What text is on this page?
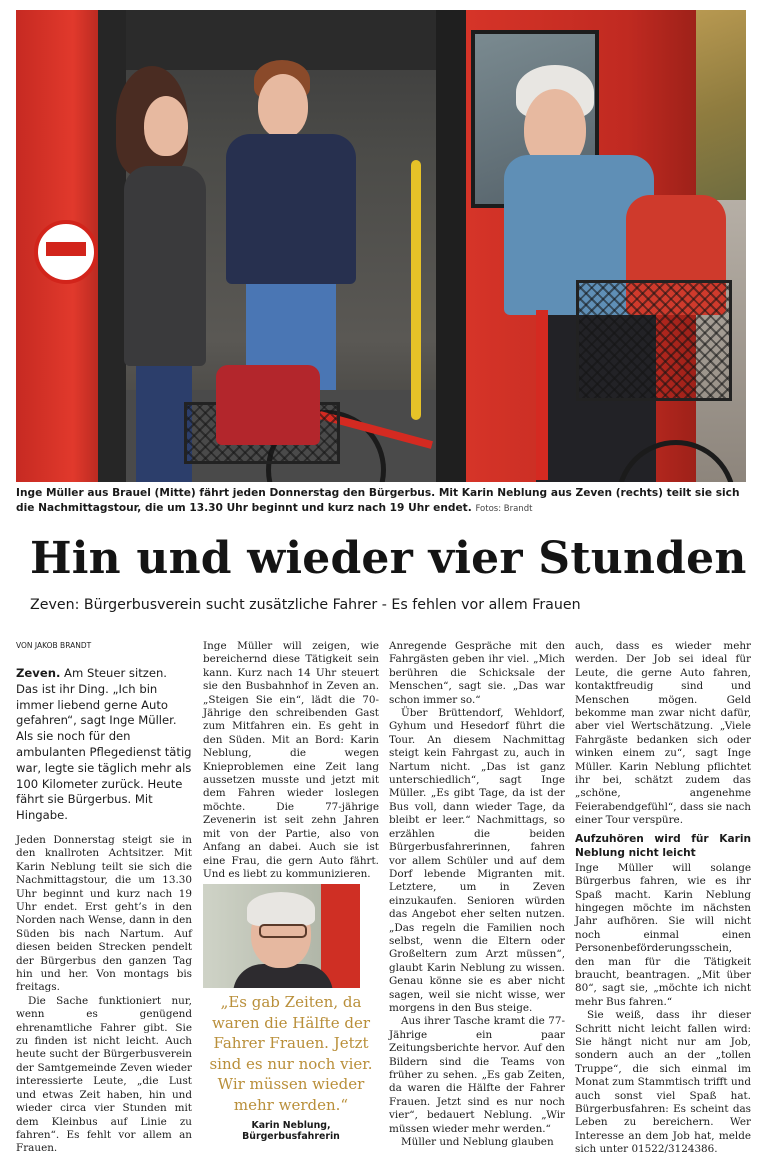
Inge Müller aus Brauel (Mitte) fährt jeden Donnerstag den Bürgerbus. Mit Karin Neblung aus Zeven (rechts) teilt sie sich die Nachmittagstour, die um 13.30 Uhr beginnt und kurz nach 19 Uhr endet. Fotos: Brandt
Hin und wieder vier Stunden

Zeven: Bürgerbusverein sucht zusätzliche Fahrer - Es fehlen vor allem Frauen

VON JAKOB BRANDT

Zeven. Am Steuer sitzen. Das ist ihr Ding. „Ich bin immer liebend gerne Auto gefahren“, sagt Inge Müller. Als sie noch für den ambulanten Pflegedienst tätig war, legte sie täglich mehr als 100 Kilometer zurück. Heute fährt sie Bürgerbus. Mit Hingabe.

Jeden Donnerstag steigt sie in den knallroten Achtsitzer. Mit Karin Neblung teilt sie sich die Nachmittagstour, die um 13.30 Uhr beginnt und kurz nach 19 Uhr endet. Erst geht’s in den Norden nach Wense, dann in den Süden bis nach Nartum. Auf diesen beiden Strecken pendelt der Bürgerbus den ganzen Tag hin und her. Von montags bis freitags.

Die Sache funktioniert nur, wenn es genügend ehrenamtliche Fahrer gibt. Sie zu finden ist nicht leicht. Auch heute sucht der Bürgerbusverein der Samtgemeinde Zeven wieder interessierte Leute, „die Lust und etwas Zeit haben, hin und wieder circa vier Stunden mit dem Kleinbus auf Linie zu fahren“. Es fehlt vor allem an Frauen.

Inge Müller will zeigen, wie bereichernd diese Tätigkeit sein kann. Kurz nach 14 Uhr steuert sie den Busbahnhof in Zeven an. „Steigen Sie ein“, lädt die 70-Jährige den schreibenden Gast zum Mitfahren ein. Es geht in den Süden. Mit an Bord: Karin Neblung, die wegen Knieproblemen eine Zeit lang aussetzen musste und jetzt mit dem Fahren wieder loslegen möchte. Die 77-jährige Zevenerin ist seit zehn Jahren mit von der Partie, also von Anfang an dabei. Auch sie ist eine Frau, die gern Auto fährt. Und es liebt zu kommunizieren.

„Es gab Zeiten, da waren die Hälfte der Fahrer Frauen. Jetzt sind es nur noch vier. Wir müssen wieder mehr werden.“

Karin Neblung, Bürgerbusfahrerin

Anregende Gespräche mit den Fahrgästen geben ihr viel. „Mich berühren die Schicksale der Menschen“, sagt sie. „Das war schon immer so.“

Über Brüttendorf, Wehldorf, Gyhum und Hesedorf führt die Tour. An diesem Nachmittag steigt kein Fahrgast zu, auch in Nartum nicht. „Das ist ganz unterschiedlich“, sagt Inge Müller. „Es gibt Tage, da ist der Bus voll, dann wieder Tage, da bleibt er leer.“ Nachmittags, so erzählen die beiden Bürgerbusfahrerinnen, fahren vor allem Schüler und auf dem Dorf lebende Migranten mit. Letztere, um in Zeven einzukaufen. Senioren würden das Angebot eher selten nutzen. „Das regeln die Familien noch selbst, wenn die Eltern oder Großeltern zum Arzt müssen“, glaubt Karin Neblung zu wissen. Genau könne sie es aber nicht sagen, weil sie nicht wisse, wer morgens in den Bus steige.

Aus ihrer Tasche kramt die 77-Jährige ein paar Zeitungsberichte hervor. Auf den Bildern sind die Teams von früher zu sehen. „Es gab Zeiten, da waren die Hälfte der Fahrer Frauen. Jetzt sind es nur noch vier“, bedauert Neblung. „Wir müssen wieder mehr werden.“

Müller und Neblung glauben

auch, dass es wieder mehr werden. Der Job sei ideal für Leute, die gerne Auto fahren, kontaktfreudig sind und Menschen mögen. Geld bekomme man zwar nicht dafür, aber viel Wertschätzung. „Viele Fahrgäste bedanken sich oder winken einem zu“, sagt Inge Müller. Karin Neblung pflichtet ihr bei, schätzt zudem das „schöne, angenehme Feierabendgefühl“, dass sie nach einer Tour verspüre.

Aufzuhören wird für Karin Neblung nicht leicht

Inge Müller will solange Bürgerbus fahren, wie es ihr Spaß macht. Karin Neblung hingegen möchte im nächsten Jahr aufhören. Sie will nicht noch einmal einen Personenbeförderungsschein, den man für die Tätigkeit braucht, beantragen. „Mit über 80“, sagt sie, „möchte ich nicht mehr Bus fahren.“

Sie weiß, dass ihr dieser Schritt nicht leicht fallen wird: Sie hängt nicht nur am Job, sondern auch an der „tollen Truppe“, die sich einmal im Monat zum Stammtisch trifft und auch sonst viel Spaß hat. Bürgerbusfahren: Es scheint das Leben zu bereichern. Wer Interesse an dem Job hat, melde sich unter 01522/3124386.
